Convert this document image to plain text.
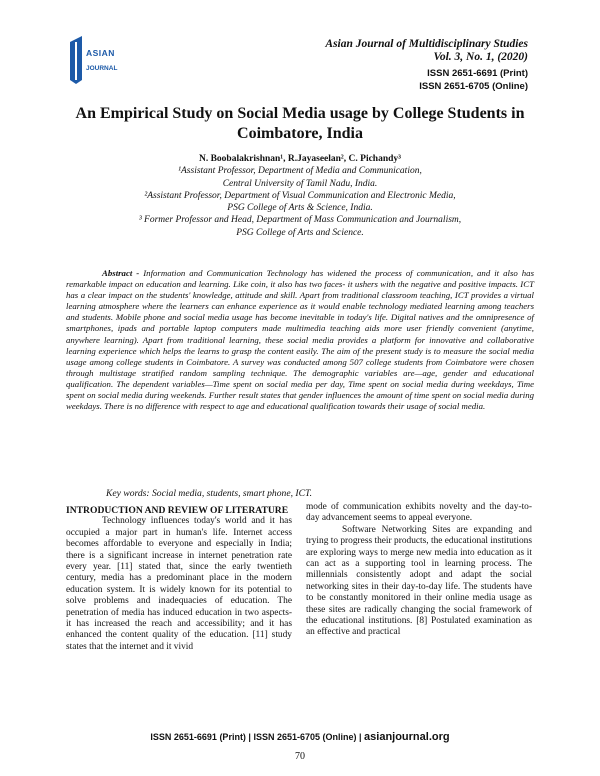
ASIAN
JOURNAL
Asian Journal of Multidisciplinary Studies
Vol. 3, No. 1, (2020)
ISSN 2651-6691 (Print)
ISSN 2651-6705 (Online)
An Empirical Study on Social Media usage by College Students in Coimbatore, India
N. Boobalakrishnan¹, R.Jayaseelan², C. Pichandy³
¹Assistant Professor, Department of Media and Communication,
Central University of Tamil Nadu, India.
²Assistant Professor, Department of Visual Communication and Electronic Media,
PSG College of Arts & Science, India.
³ Former Professor and Head, Department of Mass Communication and Journalism,
PSG College of Arts and Science.

Abstract - Information and Communication Technology has widened the process of communication, and it also has remarkable impact on education and learning. Like coin, it also has two faces- it ushers with the negative and positive impacts. ICT has a clear impact on the students' knowledge, attitude and skill. Apart from traditional classroom teaching, ICT provides a virtual learning atmosphere where the learners can enhance experience as it would enable technology mediated learning among teachers and students. Mobile phone and social media usage has become inevitable in today's life. Digital natives and the omnipresence of smartphones, ipads and portable laptop computers made multimedia teaching aids more user friendly convenient (anytime, anywhere learning). Apart from traditional learning, these social media provides a platform for innovative and collaborative learning experience which helps the learns to grasp the content easily. The aim of the present study is to measure the social media usage among college students in Coimbatore. A survey was conducted among 507 college students from Coimbatore were chosen through multistage stratified random sampling technique. The demographic variables are—age, gender and educational qualification. The dependent variables—Time spent on social media per day, Time spent on social media during weekdays, Time spent on social media during weekends. Further result states that gender influences the amount of time spent on social media during weekdays. There is no difference with respect to age and educational qualification towards their usage of social media.

Key words: Social media, students, smart phone, ICT.

INTRODUCTION AND REVIEW OF LITERATURE

Technology influences today's world and it has occupied a major part in human's life. Internet access becomes affordable to everyone and especially in India; there is a significant increase in internet penetration rate every year. [11] stated that, since the early twentieth century, media has a predominant place in the modern education system. It is widely known for its potential to solve problems and inadequacies of education. The penetration of media has induced education in two aspects- it has increased the reach and accessibility; and it has enhanced the content quality of the education. [11] study states that the internet and it vivid

mode of communication exhibits novelty and the day-to-day advancement seems to appeal everyone.

Software Networking Sites are expanding and trying to progress their products, the educational institutions are exploring ways to merge new media into education as it can act as a supporting tool in learning process. The millennials consistently adopt and adapt the social networking sites in their day-to-day life. The students have to be constantly monitored in their online media usage as these sites are radically changing the social framework of the educational institutions. [8] Postulated examination as an effective and practical

ISSN 2651-6691 (Print) | ISSN 2651-6705 (Online) | asianjournal.org
70
